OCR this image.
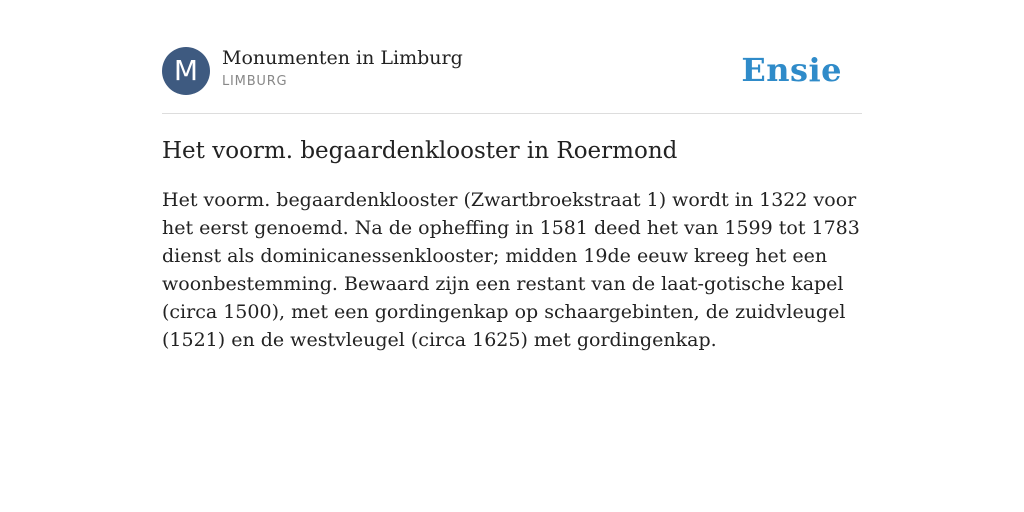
M	Monumenten in Limburg
LIMBURG	Ensie
Het voorm. begaardenklooster in Roermond

Het voorm. begaardenklooster (Zwartbroekstraat 1) wordt in 1322 voor het eerst genoemd. Na de opheffing in 1581 deed het van 1599 tot 1783 dienst als dominicanessenklooster; midden 19de eeuw kreeg het een woonbestemming. Bewaard zijn een restant van de laat-gotische kapel (circa 1500), met een gordingenkap op schaargebinten, de zuidvleugel (1521) en de westvleugel (circa 1625) met gordingenkap.
